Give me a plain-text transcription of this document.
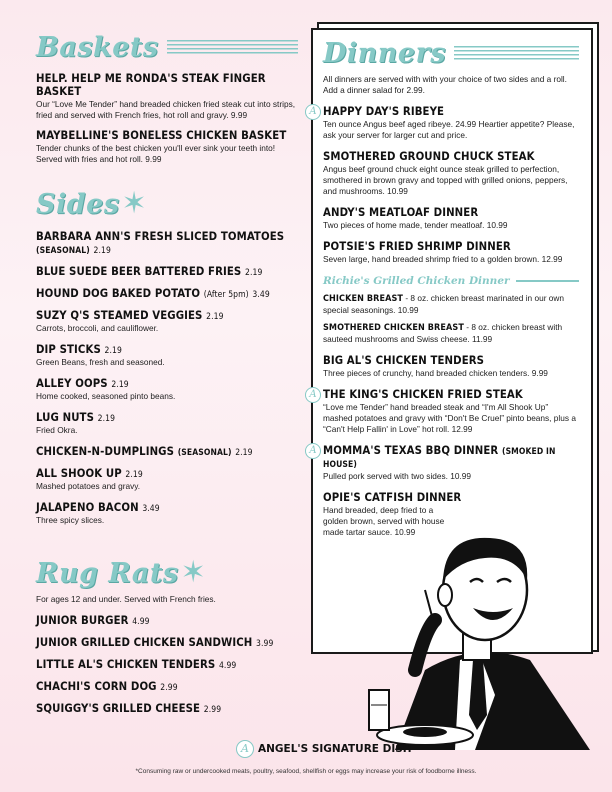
Baskets
HELP. HELP ME RONDA'S STEAK FINGER BASKET
Our “Love Me Tender” hand breaded chicken fried steak cut into strips, fried and served with French fries, hot roll and gravy. 9.99
MAYBELLINE'S BONELESS CHICKEN BASKET
Tender chunks of the best chicken you'll ever sink your teeth into! Served with fries and hot roll. 9.99
Sides ✶
BARBARA ANN'S FRESH SLICED TOMATOES (SEASONAL) 2.19
BLUE SUEDE BEER BATTERED FRIES 2.19
HOUND DOG BAKED POTATO (After 5pm) 3.49
SUZY Q'S STEAMED VEGGIES 2.19
Carrots, broccoli, and cauliflower.
DIP STICKS 2.19
Green Beans, fresh and seasoned.
ALLEY OOPS 2.19
Home cooked, seasoned pinto beans.
LUG NUTS 2.19
Fried Okra.
CHICKEN-N-DUMPLINGS (SEASONAL) 2.19
ALL SHOOK UP 2.19
Mashed potatoes and gravy.
JALAPENO BACON 3.49
Three spicy slices.
Rug Rats ✶
For ages 12 and under. Served with French fries.
JUNIOR BURGER 4.99
JUNIOR GRILLED CHICKEN SANDWICH 3.99
LITTLE AL'S CHICKEN TENDERS 4.99
CHACHI'S CORN DOG 2.99
SQUIGGY'S GRILLED CHEESE 2.99
Dinners
All dinners are served with with your choice of two sides and a roll. Add a dinner salad for 2.99.
A HAPPY DAY'S RIBEYE
Ten ounce Angus beef aged ribeye. 24.99 Heartier appetite? Please, ask your server for larger cut and price.
SMOTHERED GROUND CHUCK STEAK
Angus beef ground chuck eight ounce steak grilled to perfection, smothered in brown gravy and topped with grilled onions, peppers, and mushrooms. 10.99
ANDY'S MEATLOAF DINNER
Two pieces of home made, tender meatloaf. 10.99
POTSIE'S FRIED SHRIMP DINNER
Seven large, hand breaded shrimp fried to a golden brown. 12.99
Richie's Grilled Chicken Dinner
CHICKEN BREAST - 8 oz. chicken breast marinated in our own special seasonings. 10.99
SMOTHERED CHICKEN BREAST - 8 oz. chicken breast with sauteed mushrooms and Swiss cheese. 11.99
BIG AL'S CHICKEN TENDERS
Three pieces of crunchy, hand breaded chicken tenders. 9.99
A THE KING'S CHICKEN FRIED STEAK
“Love me Tender” hand breaded steak and “I'm All Shook Up” mashed potatoes and gravy with “Don't Be Cruel” pinto beans, plus a “Can't Help Fallin' in Love” hot roll. 12.99
A MOMMA'S TEXAS BBQ DINNER (SMOKED IN HOUSE)
Pulled pork served with two sides. 10.99
OPIE'S CATFISH DINNER
Hand breaded, deep fried to a golden brown, served with house made tartar sauce. 10.99
A ANGEL'S SIGNATURE DISH
*Consuming raw or undercooked meats, poultry, seafood, shellfish or eggs may increase your risk of foodborne illness.
